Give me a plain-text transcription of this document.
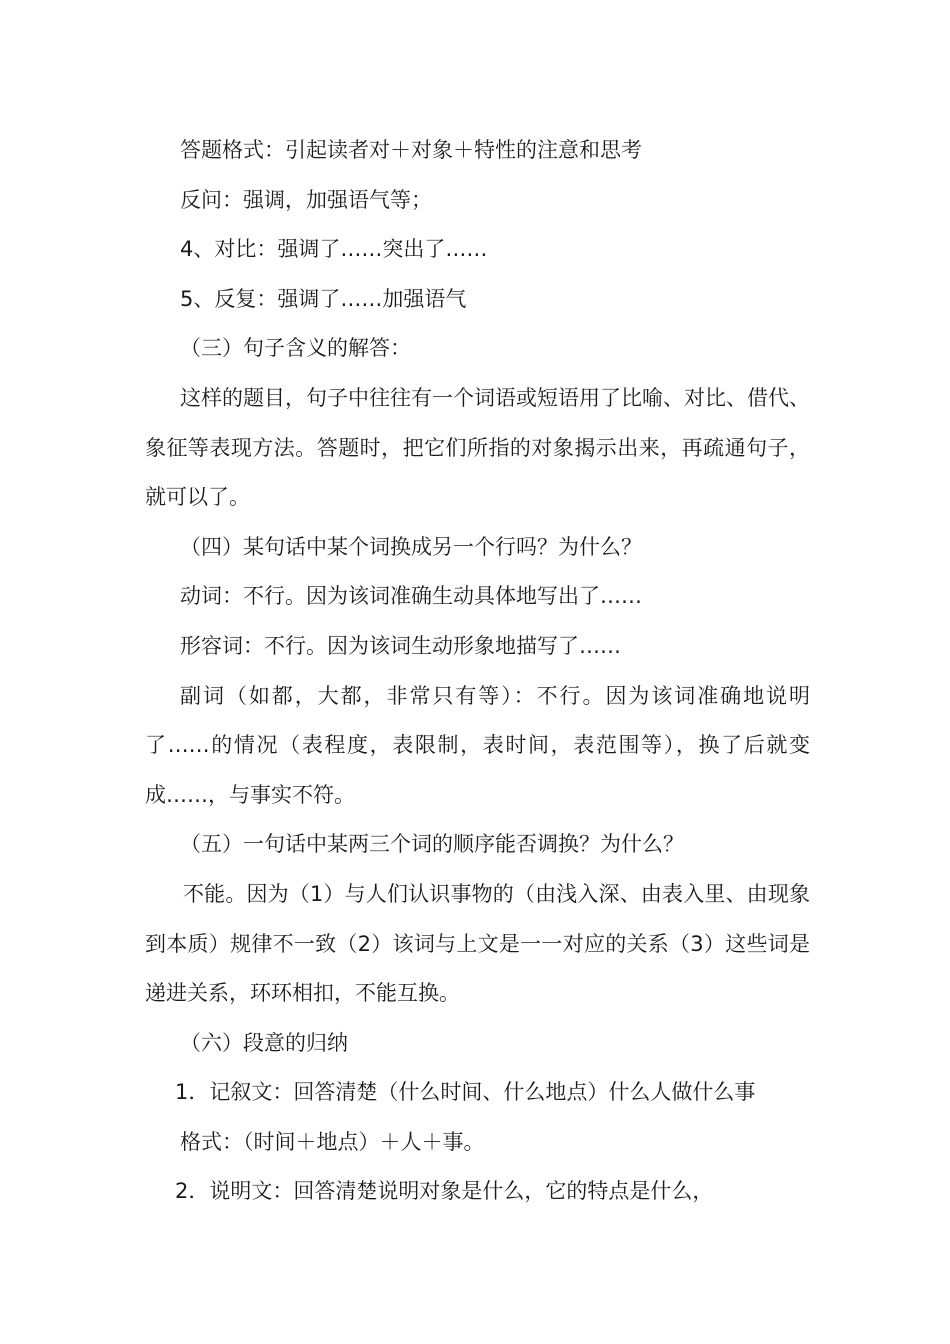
答题格式：引起读者对＋对象＋特性的注意和思考

反问：强调，加强语气等；

4、对比：强调了……突出了……

5、反复：强调了……加强语气

（三）句子含义的解答：

这样的题目，句子中往往有一个词语或短语用了比喻、对比、借代、象征等表现方法。答题时，把它们所指的对象揭示出来，再疏通句子，就可以了。

（四）某句话中某个词换成另一个行吗？为什么？

动词：不行。因为该词准确生动具体地写出了……

形容词：不行。因为该词生动形象地描写了……

副词（如都，大都，非常只有等）：不行。因为该词准确地说明了……的情况（表程度，表限制，表时间，表范围等），换了后就变成……，与事实不符。

（五）一句话中某两三个词的顺序能否调换？为什么？

不能。因为（1）与人们认识事物的（由浅入深、由表入里、由现象到本质）规律不一致（2）该词与上文是一一对应的关系（3）这些词是递进关系，环环相扣，不能互换。

（六）段意的归纳

1．记叙文：回答清楚（什么时间、什么地点）什么人做什么事

格式：（时间＋地点）＋人＋事。

2．说明文：回答清楚说明对象是什么，它的特点是什么，
